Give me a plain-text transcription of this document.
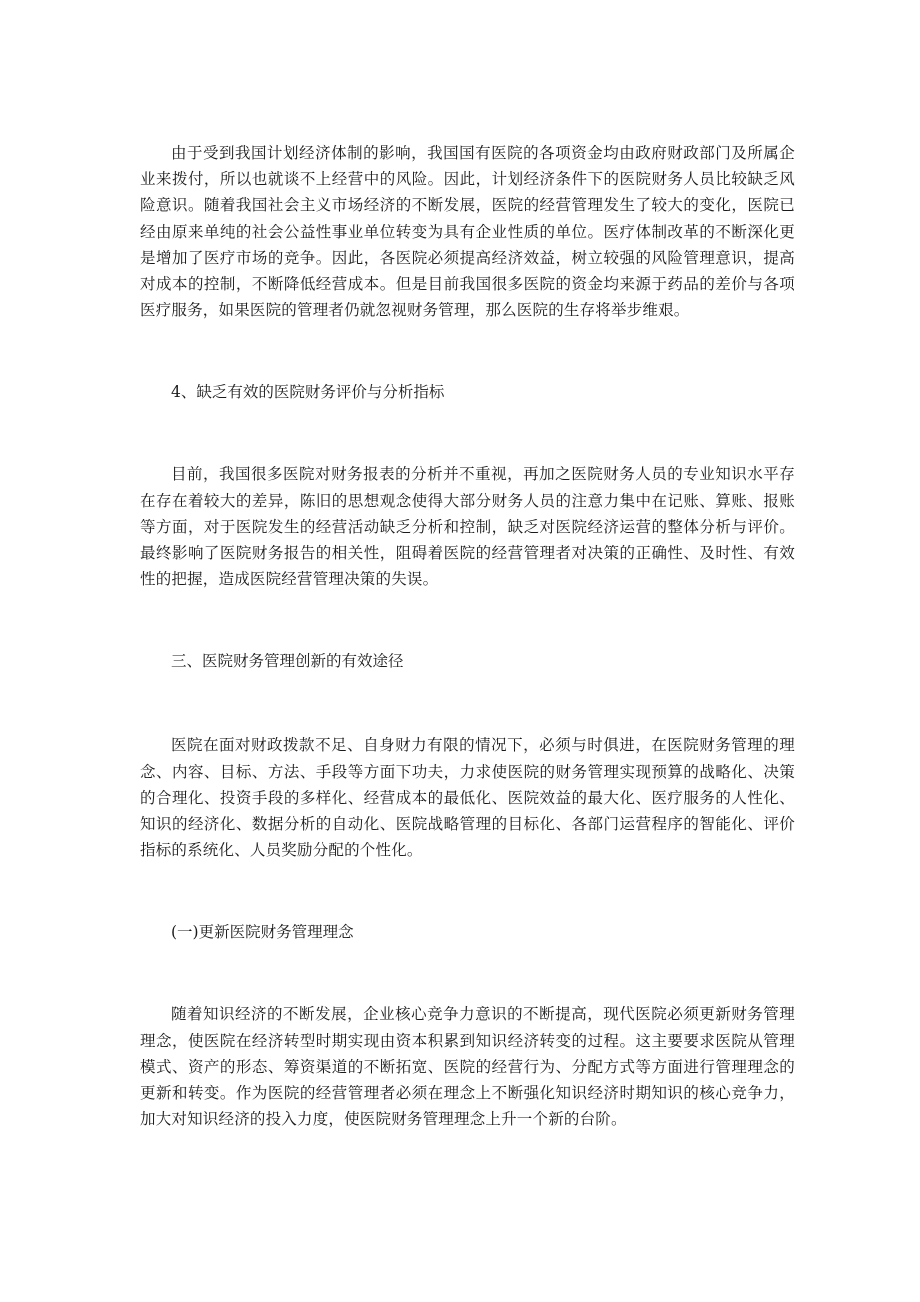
由于受到我国计划经济体制的影响，我国国有医院的各项资金均由政府财政部门及所属企业来拨付，所以也就谈不上经营中的风险。因此，计划经济条件下的医院财务人员比较缺乏风险意识。随着我国社会主义市场经济的不断发展，医院的经营管理发生了较大的变化，医院已经由原来单纯的社会公益性事业单位转变为具有企业性质的单位。医疗体制改革的不断深化更是增加了医疗市场的竞争。因此，各医院必须提高经济效益，树立较强的风险管理意识，提高对成本的控制，不断降低经营成本。但是目前我国很多医院的资金均来源于药品的差价与各项医疗服务，如果医院的管理者仍就忽视财务管理，那么医院的生存将举步维艰。

4、缺乏有效的医院财务评价与分析指标

目前，我国很多医院对财务报表的分析并不重视，再加之医院财务人员的专业知识水平存在存在着较大的差异，陈旧的思想观念使得大部分财务人员的注意力集中在记账、算账、报账等方面，对于医院发生的经营活动缺乏分析和控制，缺乏对医院经济运营的整体分析与评价。最终影响了医院财务报告的相关性，阻碍着医院的经营管理者对决策的正确性、及时性、有效性的把握，造成医院经营管理决策的失误。

三、医院财务管理创新的有效途径

医院在面对财政拨款不足、自身财力有限的情况下，必须与时俱进，在医院财务管理的理念、内容、目标、方法、手段等方面下功夫，力求使医院的财务管理实现预算的战略化、决策的合理化、投资手段的多样化、经营成本的最低化、医院效益的最大化、医疗服务的人性化、知识的经济化、数据分析的自动化、医院战略管理的目标化、各部门运营程序的智能化、评价指标的系统化、人员奖励分配的个性化。

(一)更新医院财务管理理念

随着知识经济的不断发展，企业核心竞争力意识的不断提高，现代医院必须更新财务管理理念，使医院在经济转型时期实现由资本积累到知识经济转变的过程。这主要要求医院从管理模式、资产的形态、筹资渠道的不断拓宽、医院的经营行为、分配方式等方面进行管理理念的更新和转变。作为医院的经营管理者必须在理念上不断强化知识经济时期知识的核心竞争力，加大对知识经济的投入力度，使医院财务管理理念上升一个新的台阶。
